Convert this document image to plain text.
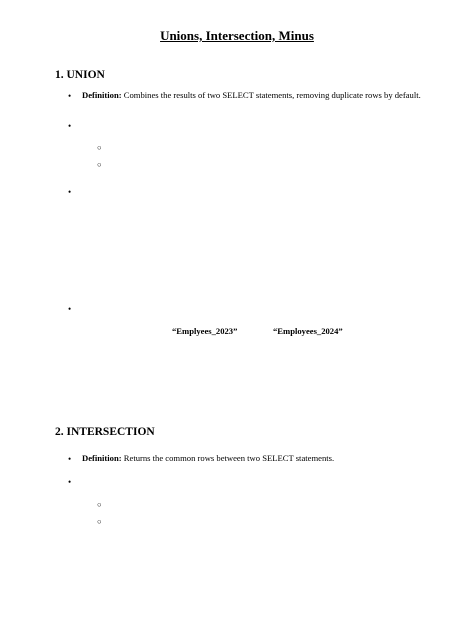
Unions, Intersection, Minus
1. UNION
• Definition: Combines the results of two SELECT statements, removing duplicate rows by default.
•
○
○
•
•
“Emplyees_2023”	“Employees_2024”
2. INTERSECTION
• Definition: Returns the common rows between two SELECT statements.
•
○
○
